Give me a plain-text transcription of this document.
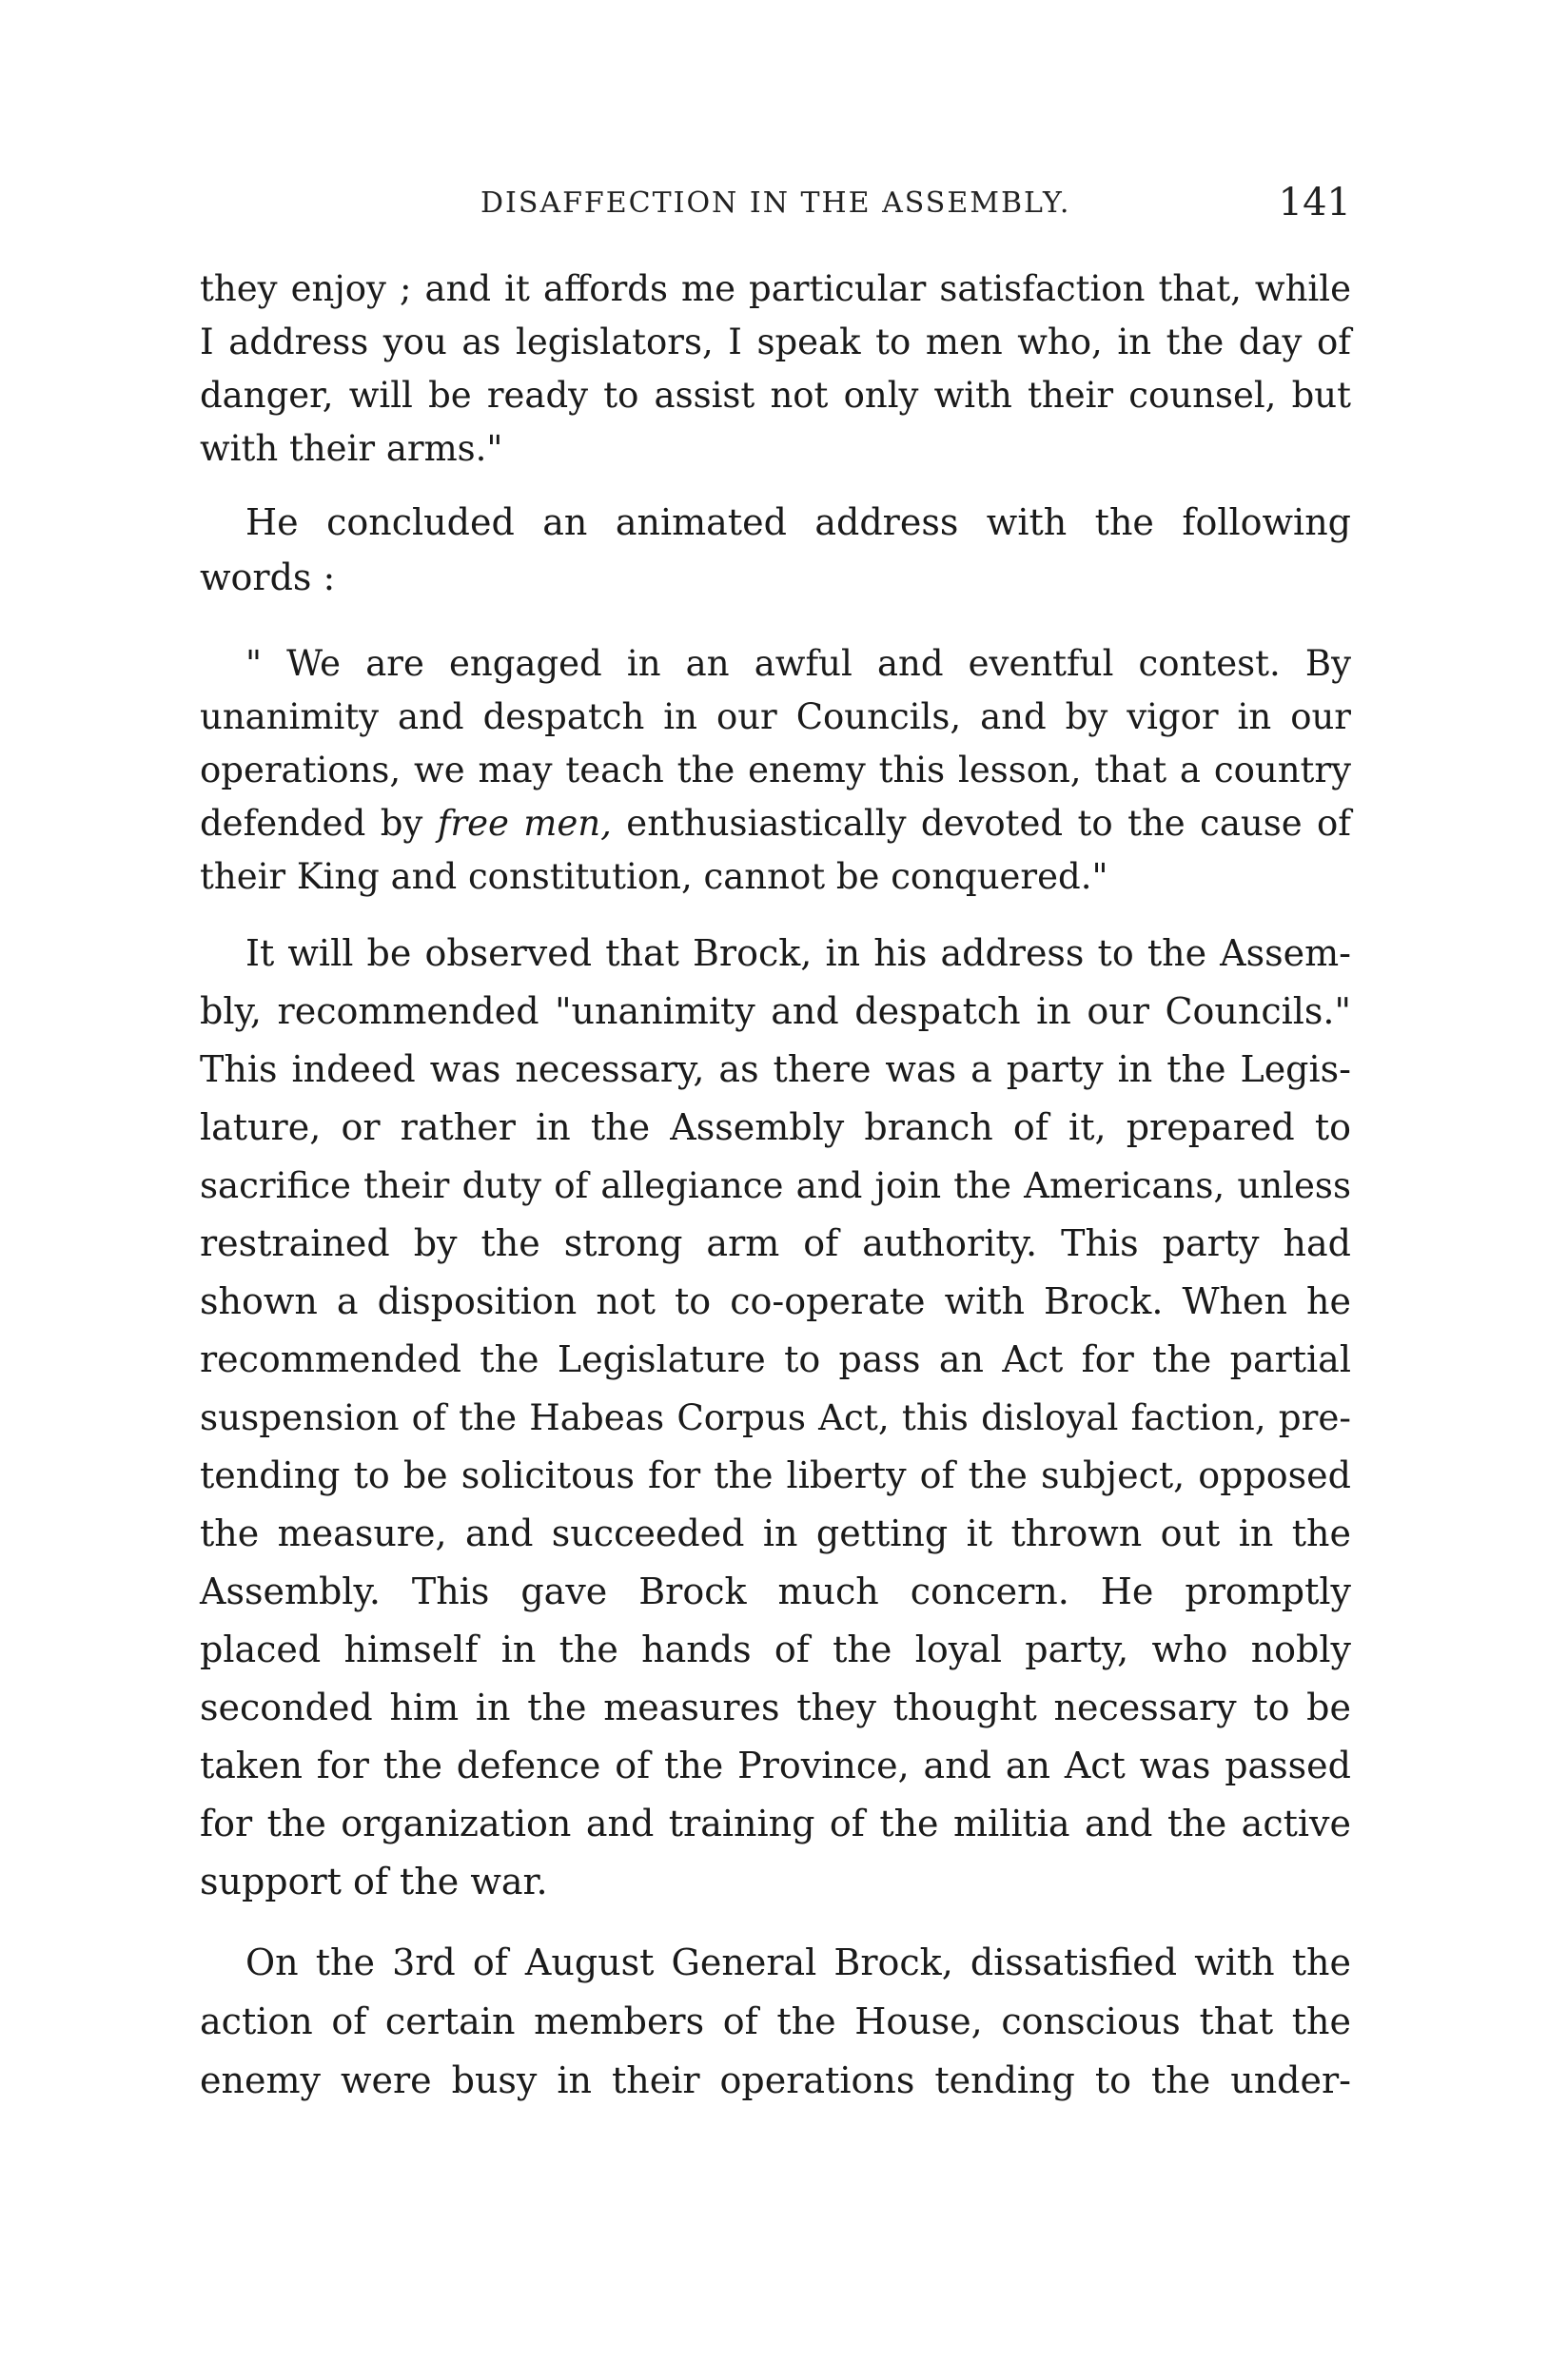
DISAFFECTION IN THE ASSEMBLY.	141
they enjoy ; and it affords me particular satisfaction that, while
I address you as legislators, I speak to men who, in the day of
danger, will be ready to assist not only with their counsel, but
with their arms."
He concluded an animated address with the following
words :
" We are engaged in an awful and eventful contest. By
unanimity and despatch in our Councils, and by vigor in our
operations, we may teach the enemy this lesson, that a country
defended by free men, enthusiastically devoted to the cause of
their King and constitution, cannot be conquered."
It will be observed that Brock, in his address to the Assem-
bly, recommended "unanimity and despatch in our Councils."
This indeed was necessary, as there was a party in the Legis-
lature, or rather in the Assembly branch of it, prepared to
sacrifice their duty of allegiance and join the Americans, unless
restrained by the strong arm of authority. This party had
shown a disposition not to co-operate with Brock. When he
recommended the Legislature to pass an Act for the partial
suspension of the Habeas Corpus Act, this disloyal faction, pre-
tending to be solicitous for the liberty of the subject, opposed
the measure, and succeeded in getting it thrown out in the
Assembly. This gave Brock much concern. He promptly
placed himself in the hands of the loyal party, who nobly
seconded him in the measures they thought necessary to be
taken for the defence of the Province, and an Act was passed
for the organization and training of the militia and the active
support of the war.
On the 3rd of August General Brock, dissatisfied with the
action of certain members of the House, conscious that the
enemy were busy in their operations tending to the under-
